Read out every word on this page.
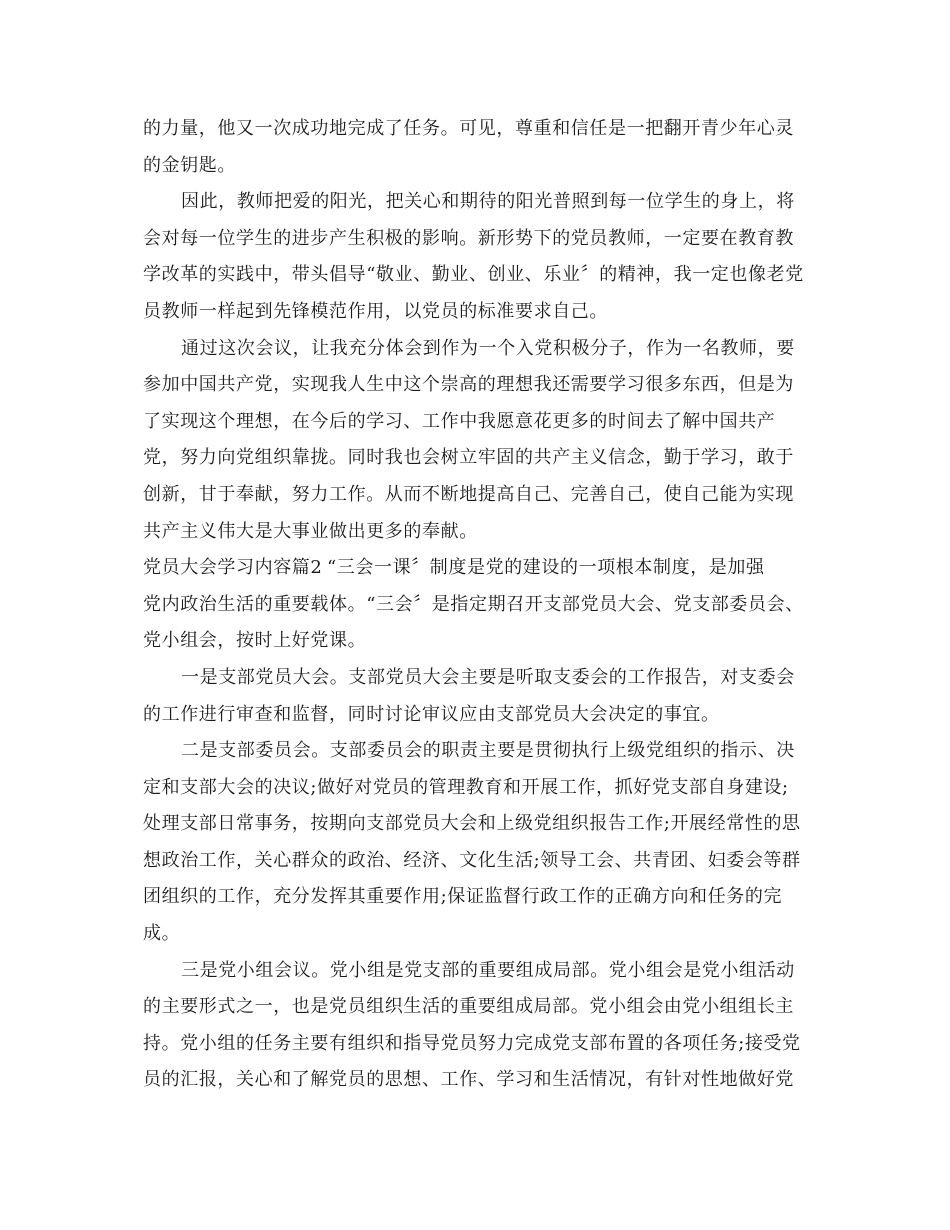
的力量，他又一次成功地完成了任务。可见，尊重和信任是一把翻开青少年心灵
的金钥匙。
因此，教师把爱的阳光，把关心和期待的阳光普照到每一位学生的身上，将
会对每一位学生的进步产生积极的影响。新形势下的党员教师，一定要在教育教
学改革的实践中，带头倡导“敬业、勤业、创业、乐业〞的精神，我一定也像老党
员教师一样起到先锋模范作用，以党员的标准要求自己。
通过这次会议，让我充分体会到作为一个入党积极分子，作为一名教师，要
参加中国共产党，实现我人生中这个崇高的理想我还需要学习很多东西，但是为
了实现这个理想，在今后的学习、工作中我愿意花更多的时间去了解中国共产
党，努力向党组织靠拢。同时我也会树立牢固的共产主义信念，勤于学习，敢于
创新，甘于奉献，努力工作。从而不断地提高自己、完善自己，使自己能为实现
共产主义伟大是大事业做出更多的奉献。
党员大会学习内容篇2 “三会一课〞制度是党的建设的一项根本制度，是加强
党内政治生活的重要载体。“三会〞是指定期召开支部党员大会、党支部委员会、
党小组会，按时上好党课。
一是支部党员大会。支部党员大会主要是听取支委会的工作报告，对支委会
的工作进行审查和监督，同时讨论审议应由支部党员大会决定的事宜。
二是支部委员会。支部委员会的职责主要是贯彻执行上级党组织的指示、决
定和支部大会的决议;做好对党员的管理教育和开展工作，抓好党支部自身建设;
处理支部日常事务，按期向支部党员大会和上级党组织报告工作;开展经常性的思
想政治工作，关心群众的政治、经济、文化生活;领导工会、共青团、妇委会等群
团组织的工作，充分发挥其重要作用;保证监督行政工作的正确方向和任务的完
成。
三是党小组会议。党小组是党支部的重要组成局部。党小组会是党小组活动
的主要形式之一，也是党员组织生活的重要组成局部。党小组会由党小组组长主
持。党小组的任务主要有组织和指导党员努力完成党支部布置的各项任务;接受党
员的汇报，关心和了解党员的思想、工作、学习和生活情况，有针对性地做好党
